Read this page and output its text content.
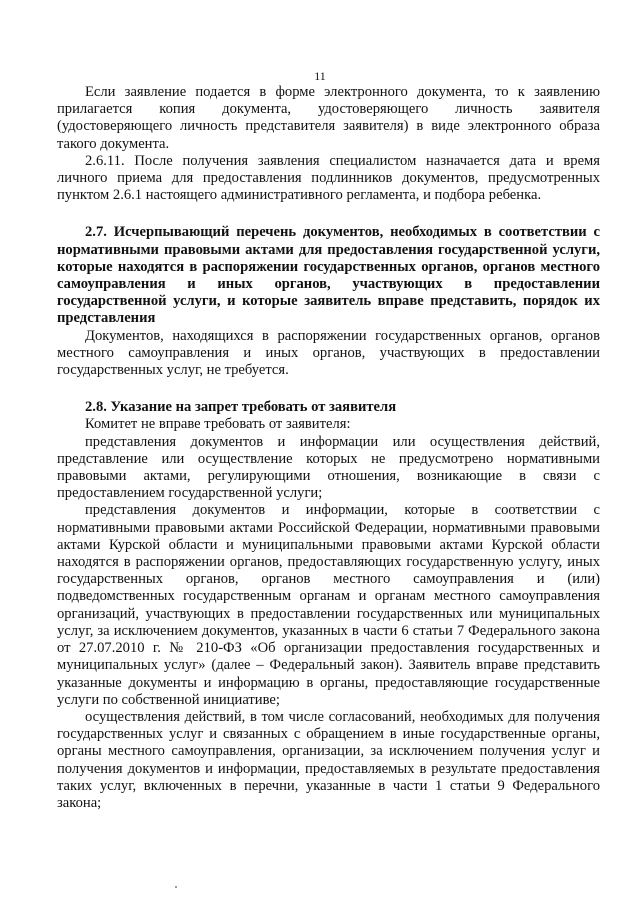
11

Если заявление подается в форме электронного документа, то к заявлению прилагается копия документа, удостоверяющего личность заявителя (удостоверяющего личность представителя заявителя) в виде электронного образа такого документа.

2.6.11. После получения заявления специалистом назначается дата и время личного приема для предоставления подлинников документов, предусмотренных пунктом 2.6.1 настоящего административного регламента, и подбора ребенка.

2.7. Исчерпывающий перечень документов, необходимых в соответствии с нормативными правовыми актами для предоставления государственной услуги, которые находятся в распоряжении государственных органов, органов местного самоуправления и иных органов, участвующих в предоставлении государственной услуги, и которые заявитель вправе представить, порядок их представления

Документов, находящихся в распоряжении государственных органов, органов местного самоуправления и иных органов, участвующих в предоставлении государственных услуг, не требуется.

2.8. Указание на запрет требовать от заявителя

Комитет не вправе требовать от заявителя:

представления документов и информации или осуществления действий, представление или осуществление которых не предусмотрено нормативными правовыми актами, регулирующими отношения, возникающие в связи с предоставлением государственной услуги;

представления документов и информации, которые в соответствии с нормативными правовыми актами Российской Федерации, нормативными правовыми актами Курской области и муниципальными правовыми актами Курской области находятся в распоряжении органов, предоставляющих государственную услугу, иных государственных органов, органов местного самоуправления и (или) подведомственных государственным органам и органам местного самоуправления организаций, участвующих в предоставлении государственных или муниципальных услуг, за исключением документов, указанных в части 6 статьи 7 Федерального закона от 27.07.2010 г. № 210-ФЗ «Об организации предоставления государственных и муниципальных услуг» (далее – Федеральный закон). Заявитель вправе представить указанные документы и информацию в органы, предоставляющие государственные услуги по собственной инициативе;

осуществления действий, в том числе согласований, необходимых для получения государственных услуг и связанных с обращением в иные государственные органы, органы местного самоуправления, организации, за исключением получения услуг и получения документов и информации, предоставляемых в результате предоставления таких услуг, включенных в перечни, указанные в части 1 статьи 9 Федерального закона;
